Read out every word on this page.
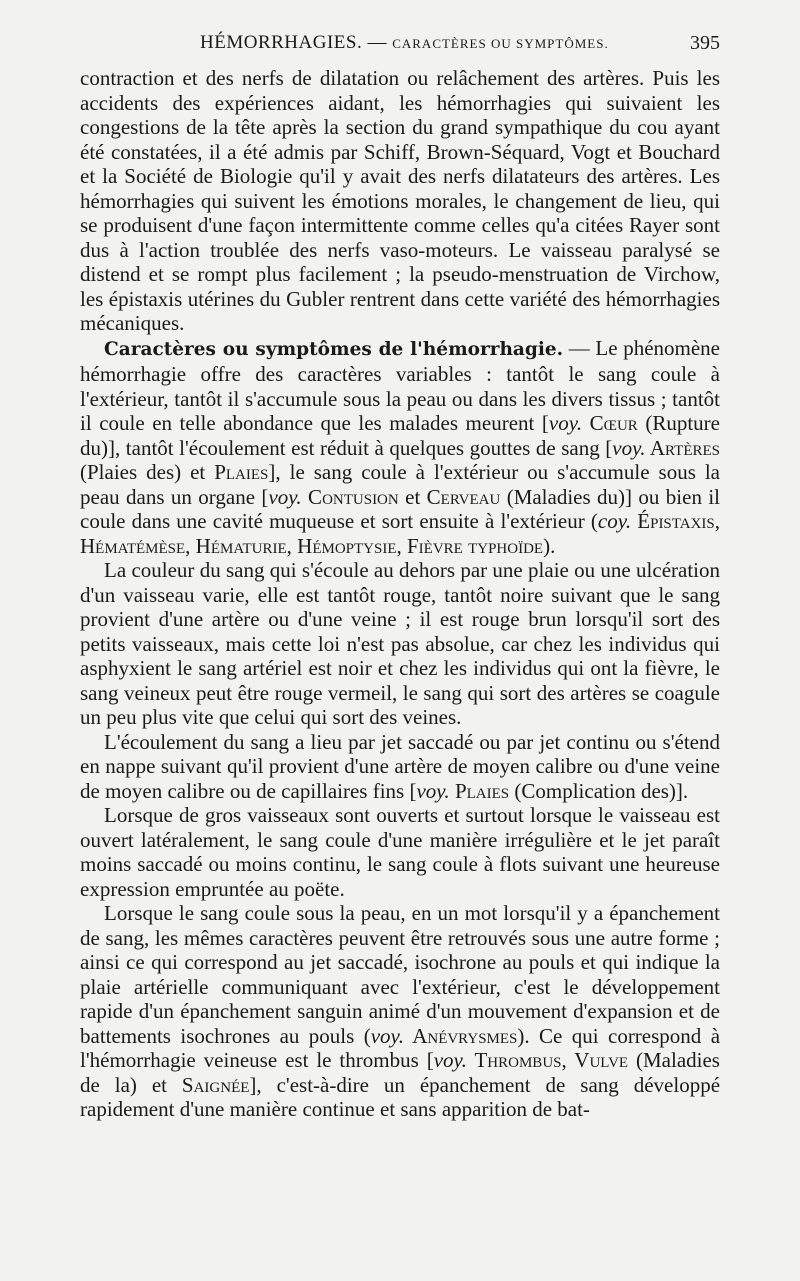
HÉMORRHAGIES. — CARACTÈRES OU SYMPTÔMES.	395

contraction et des nerfs de dilatation ou relâchement des artères. Puis les accidents des expériences aidant, les hémorrhagies qui suivaient les congestions de la tête après la section du grand sympathique du cou ayant été constatées, il a été admis par Schiff, Brown-Séquard, Vogt et Bouchard et la Société de Biologie qu'il y avait des nerfs dilatateurs des artères. Les hémorrhagies qui suivent les émotions morales, le changement de lieu, qui se produisent d'une façon intermittente comme celles qu'a citées Rayer sont dus à l'action troublée des nerfs vaso-moteurs. Le vaisseau paralysé se distend et se rompt plus facilement ; la pseudo-menstruation de Virchow, les épistaxis utérines du Gubler rentrent dans cette variété des hémorrhagies mécaniques.

Caractères ou symptômes de l'hémorrhagie. — Le phénomène hémorrhagie offre des caractères variables : tantôt le sang coule à l'extérieur, tantôt il s'accumule sous la peau ou dans les divers tissus ; tantôt il coule en telle abondance que les malades meurent [voy. Cœur (Rupture du)], tantôt l'écoulement est réduit à quelques gouttes de sang [voy. Artères (Plaies des) et Plaies], le sang coule à l'extérieur ou s'accumule sous la peau dans un organe [voy. Contusion et Cerveau (Maladies du)] ou bien il coule dans une cavité muqueuse et sort ensuite à l'extérieur (coy. Épistaxis, Hématémèse, Hématurie, Hémoptysie, Fièvre typhoïde).

La couleur du sang qui s'écoule au dehors par une plaie ou une ulcération d'un vaisseau varie, elle est tantôt rouge, tantôt noire suivant que le sang provient d'une artère ou d'une veine ; il est rouge brun lorsqu'il sort des petits vaisseaux, mais cette loi n'est pas absolue, car chez les individus qui asphyxient le sang artériel est noir et chez les individus qui ont la fièvre, le sang veineux peut être rouge vermeil, le sang qui sort des artères se coagule un peu plus vite que celui qui sort des veines.

L'écoulement du sang a lieu par jet saccadé ou par jet continu ou s'étend en nappe suivant qu'il provient d'une artère de moyen calibre ou d'une veine de moyen calibre ou de capillaires fins [voy. Plaies (Complication des)].

Lorsque de gros vaisseaux sont ouverts et surtout lorsque le vaisseau est ouvert latéralement, le sang coule d'une manière irrégulière et le jet paraît moins saccadé ou moins continu, le sang coule à flots suivant une heureuse expression empruntée au poëte.

Lorsque le sang coule sous la peau, en un mot lorsqu'il y a épanchement de sang, les mêmes caractères peuvent être retrouvés sous une autre forme ; ainsi ce qui correspond au jet saccadé, isochrone au pouls et qui indique la plaie artérielle communiquant avec l'extérieur, c'est le développement rapide d'un épanchement sanguin animé d'un mouvement d'expansion et de battements isochrones au pouls (voy. Anévrysmes). Ce qui correspond à l'hémorrhagie veineuse est le thrombus [voy. Thrombus, Vulve (Maladies de la) et Saignée], c'est-à-dire un épanchement de sang développé rapidement d'une manière continue et sans apparition de bat-
